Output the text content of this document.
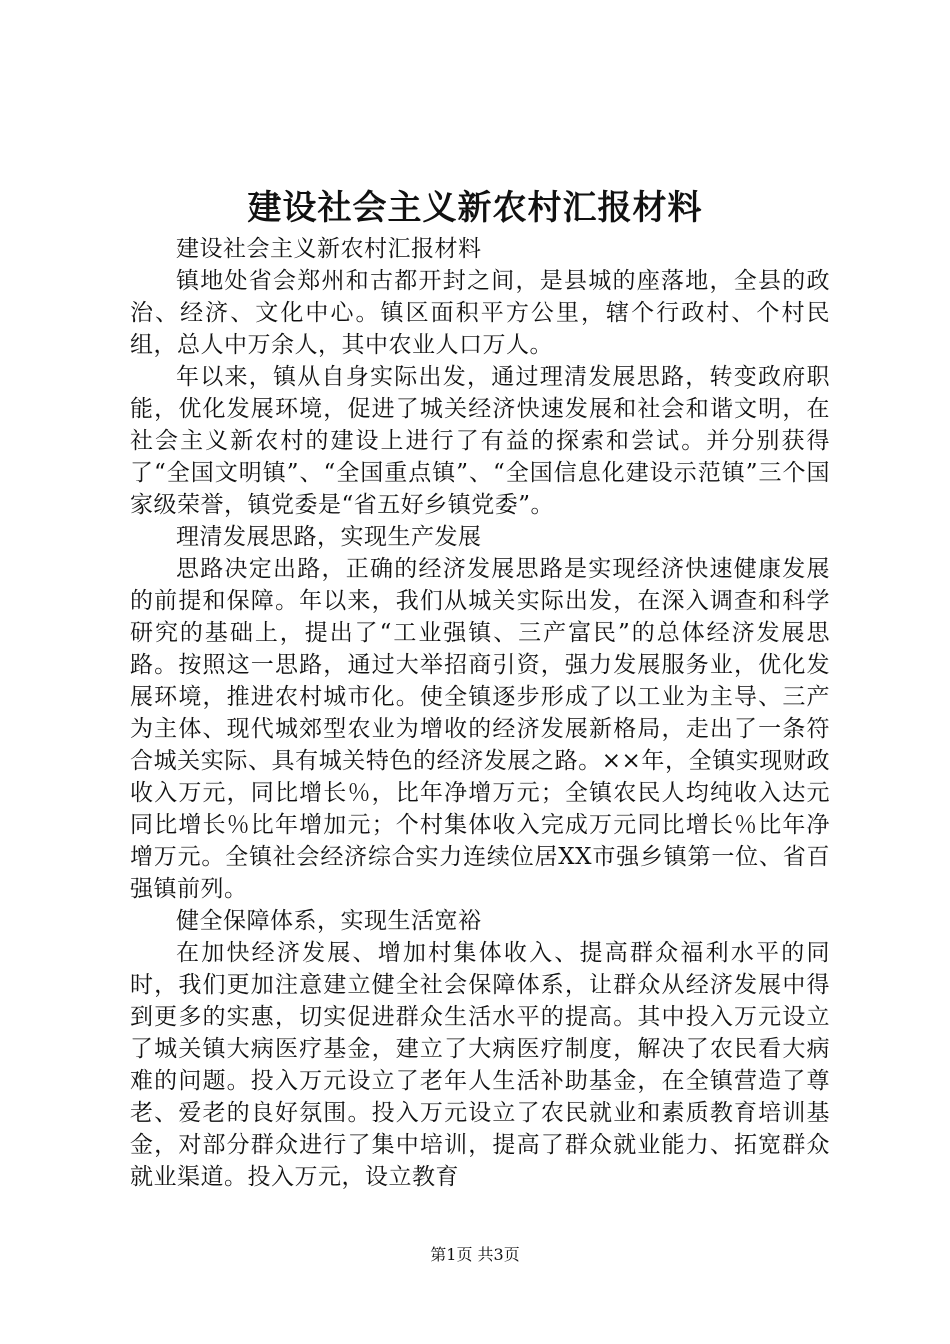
建设社会主义新农村汇报材料

建设社会主义新农村汇报材料

镇地处省会郑州和古都开封之间，是县城的座落地，全县的政治、经济、文化中心。镇区面积平方公里，辖个行政村、个村民组，总人中万余人，其中农业人口万人。

年以来，镇从自身实际出发，通过理清发展思路，转变政府职能，优化发展环境，促进了城关经济快速发展和社会和谐文明，在社会主义新农村的建设上进行了有益的探索和尝试。并分别获得了“全国文明镇”、“全国重点镇”、“全国信息化建设示范镇”三个国家级荣誉，镇党委是“省五好乡镇党委”。

理清发展思路，实现生产发展

思路决定出路，正确的经济发展思路是实现经济快速健康发展的前提和保障。年以来，我们从城关实际出发，在深入调查和科学研究的基础上，提出了“工业强镇、三产富民”的总体经济发展思路。按照这一思路，通过大举招商引资，强力发展服务业，优化发展环境，推进农村城市化。使全镇逐步形成了以工业为主导、三产为主体、现代城郊型农业为增收的经济发展新格局，走出了一条符合城关实际、具有城关特色的经济发展之路。××年，全镇实现财政收入万元，同比增长％，比年净增万元；全镇农民人均纯收入达元同比增长％比年增加元；个村集体收入完成万元同比增长％比年净增万元。全镇社会经济综合实力连续位居XX市强乡镇第一位、省百强镇前列。

健全保障体系，实现生活宽裕

在加快经济发展、增加村集体收入、提高群众福利水平的同时，我们更加注意建立健全社会保障体系，让群众从经济发展中得到更多的实惠，切实促进群众生活水平的提高。其中投入万元设立了城关镇大病医疗基金，建立了大病医疗制度，解决了农民看大病难的问题。投入万元设立了老年人生活补助基金，在全镇营造了尊老、爱老的良好氛围。投入万元设立了农民就业和素质教育培训基金，对部分群众进行了集中培训，提高了群众就业能力、拓宽群众就业渠道。投入万元，设立教育

第1页 共3页
